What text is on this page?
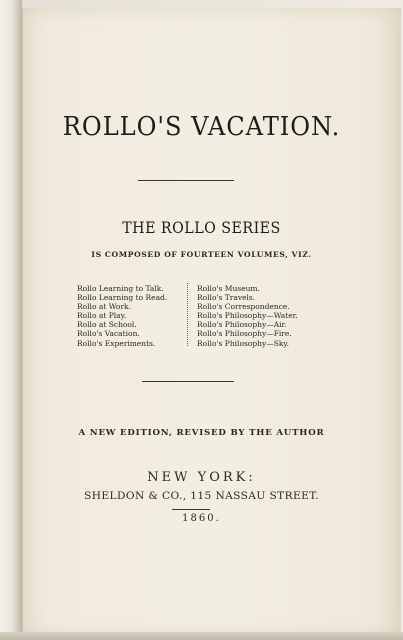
ROLLO'S VACATION.
THE ROLLO SERIES
IS COMPOSED OF FOURTEEN VOLUMES, VIZ.
Rollo Learning to Talk.
Rollo Learning to Read.
Rollo at Work.
Rollo at Play.
Rollo at School.
Rollo's Vacation.
Rollo's Experiments.
Rollo's Museum.
Rollo's Travels.
Rollo's Correspondence.
Rollo's Philosophy—Water.
Rollo's Philosophy—Air.
Rollo's Philosophy—Fire.
Rollo's Philosophy—Sky.
A NEW EDITION, REVISED BY THE AUTHOR
NEW YORK:
SHELDON & CO., 115 NASSAU STREET.
1860.
